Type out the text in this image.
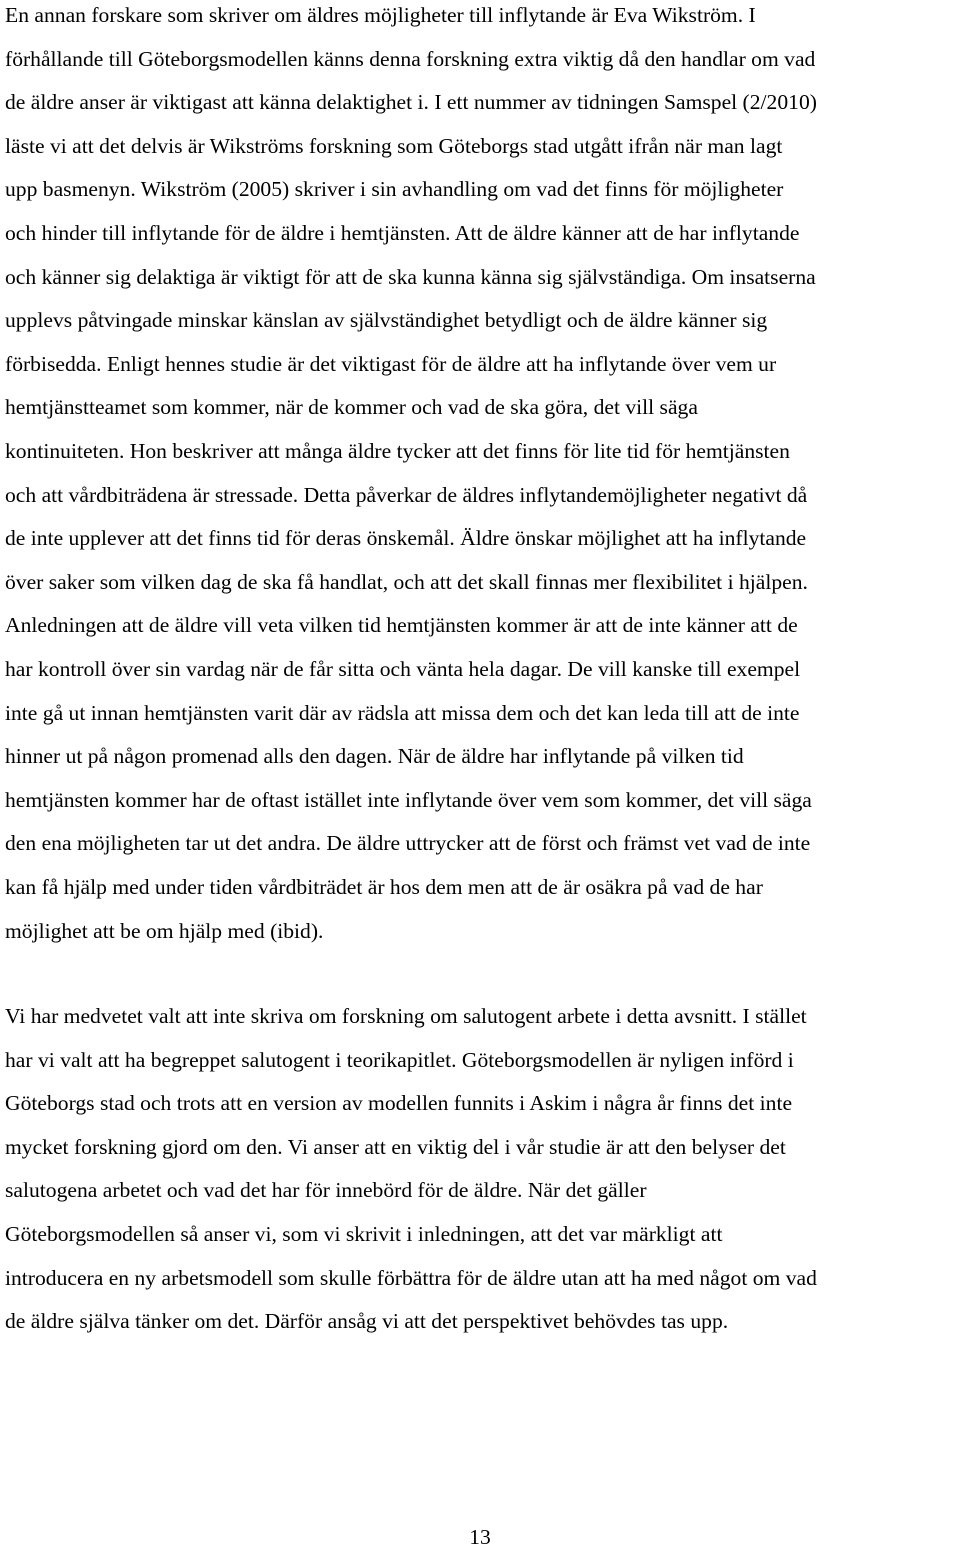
En annan forskare som skriver om äldres möjligheter till inflytande är Eva Wikström. I

förhållande till Göteborgsmodellen känns denna forskning extra viktig då den handlar om vad

de äldre anser är viktigast att känna delaktighet i. I ett nummer av tidningen Samspel (2/2010)

läste vi att det delvis är Wikströms forskning som Göteborgs stad utgått ifrån när man lagt

upp basmenyn. Wikström (2005) skriver i sin avhandling om vad det finns för möjligheter

och hinder till inflytande för de äldre i hemtjänsten. Att de äldre känner att de har inflytande

och känner sig delaktiga är viktigt för att de ska kunna känna sig självständiga. Om insatserna

upplevs påtvingade minskar känslan av självständighet betydligt och de äldre känner sig

förbisedda. Enligt hennes studie är det viktigast för de äldre att ha inflytande över vem ur

hemtjänstteamet som kommer, när de kommer och vad de ska göra, det vill säga

kontinuiteten. Hon beskriver att många äldre tycker att det finns för lite tid för hemtjänsten

och att vårdbiträdena är stressade. Detta påverkar de äldres inflytandemöjligheter negativt då

de inte upplever att det finns tid för deras önskemål. Äldre önskar möjlighet att ha inflytande

över saker som vilken dag de ska få handlat, och att det skall finnas mer flexibilitet i hjälpen.

Anledningen att de äldre vill veta vilken tid hemtjänsten kommer är att de inte känner att de

har kontroll över sin vardag när de får sitta och vänta hela dagar. De vill kanske till exempel

inte gå ut innan hemtjänsten varit där av rädsla att missa dem och det kan leda till att de inte

hinner ut på någon promenad alls den dagen. När de äldre har inflytande på vilken tid

hemtjänsten kommer har de oftast istället inte inflytande över vem som kommer, det vill säga

den ena möjligheten tar ut det andra. De äldre uttrycker att de först och främst vet vad de inte

kan få hjälp med under tiden vårdbiträdet är hos dem men att de är osäkra på vad de har

möjlighet att be om hjälp med (ibid).

Vi har medvetet valt att inte skriva om forskning om salutogent arbete i detta avsnitt. I stället

har vi valt att ha begreppet salutogent i teorikapitlet. Göteborgsmodellen är nyligen införd i

Göteborgs stad och trots att en version av modellen funnits i Askim i några år finns det inte

mycket forskning gjord om den. Vi anser att en viktig del i vår studie är att den belyser det

salutogena arbetet och vad det har för innebörd för de äldre. När det gäller

Göteborgsmodellen så anser vi, som vi skrivit i inledningen, att det var märkligt att

introducera en ny arbetsmodell som skulle förbättra för de äldre utan att ha med något om vad

de äldre själva tänker om det. Därför ansåg vi att det perspektivet behövdes tas upp.

13
